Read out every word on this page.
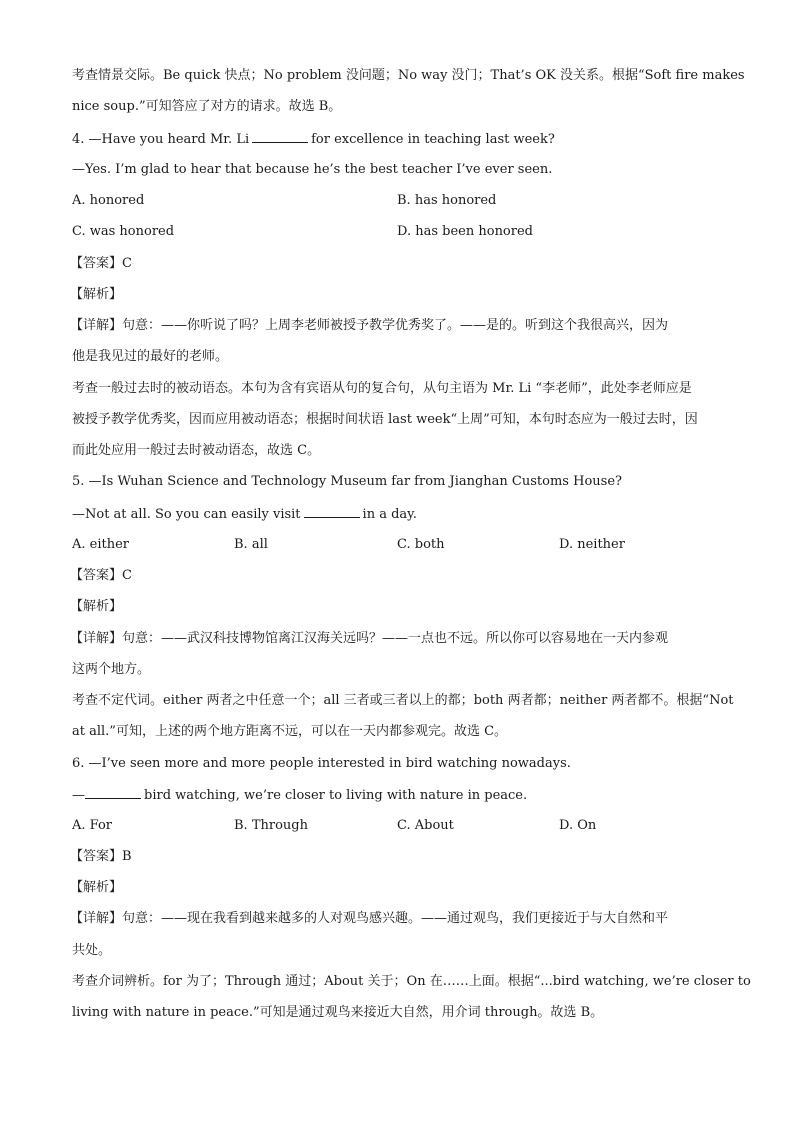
考查情景交际。Be quick 快点；No problem 没问题；No way 没门；That’s OK 没关系。根据“Soft fire makes
nice soup.”可知答应了对方的请求。故选 B。
4. —Have you heard Mr. Li	for excellence in teaching last week?
—Yes. I’m glad to hear that because he’s the best teacher I’ve ever seen.
A. honored	B. has honored
C. was honored	D. has been honored
【答案】C
【解析】
【详解】句意：——你听说了吗？上周李老师被授予教学优秀奖了。——是的。听到这个我很高兴，因为
他是我见过的最好的老师。
考查一般过去时的被动语态。本句为含有宾语从句的复合句，从句主语为 Mr. Li “李老师”，此处李老师应是
被授予教学优秀奖，因而应用被动语态；根据时间状语 last week“上周”可知，本句时态应为一般过去时，因
而此处应用一般过去时被动语态，故选 C。
5. —Is Wuhan Science and Technology Museum far from Jianghan Customs House?
—Not at all. So you can easily visit	in a day.
A. either	B. all	C. both	D. neither
【答案】C
【解析】
【详解】句意：——武汉科技博物馆离江汉海关远吗？——一点也不远。所以你可以容易地在一天内参观
这两个地方。
考查不定代词。either 两者之中任意一个；all 三者或三者以上的都；both 两者都；neither 两者都不。根据“Not
at all.”可知，上述的两个地方距离不远，可以在一天内都参观完。故选 C。
6. —I’ve seen more and more people interested in bird watching nowadays.
—	bird watching, we’re closer to living with nature in peace.
A. For	B. Through	C. About	D. On
【答案】B
【解析】
【详解】句意：——现在我看到越来越多的人对观鸟感兴趣。——通过观鸟，我们更接近于与大自然和平
共处。
考查介词辨析。for 为了；Through 通过；About 关于；On 在……上面。根据“...bird watching, we’re closer to
living with nature in peace.”可知是通过观鸟来接近大自然，用介词 through。故选 B。
